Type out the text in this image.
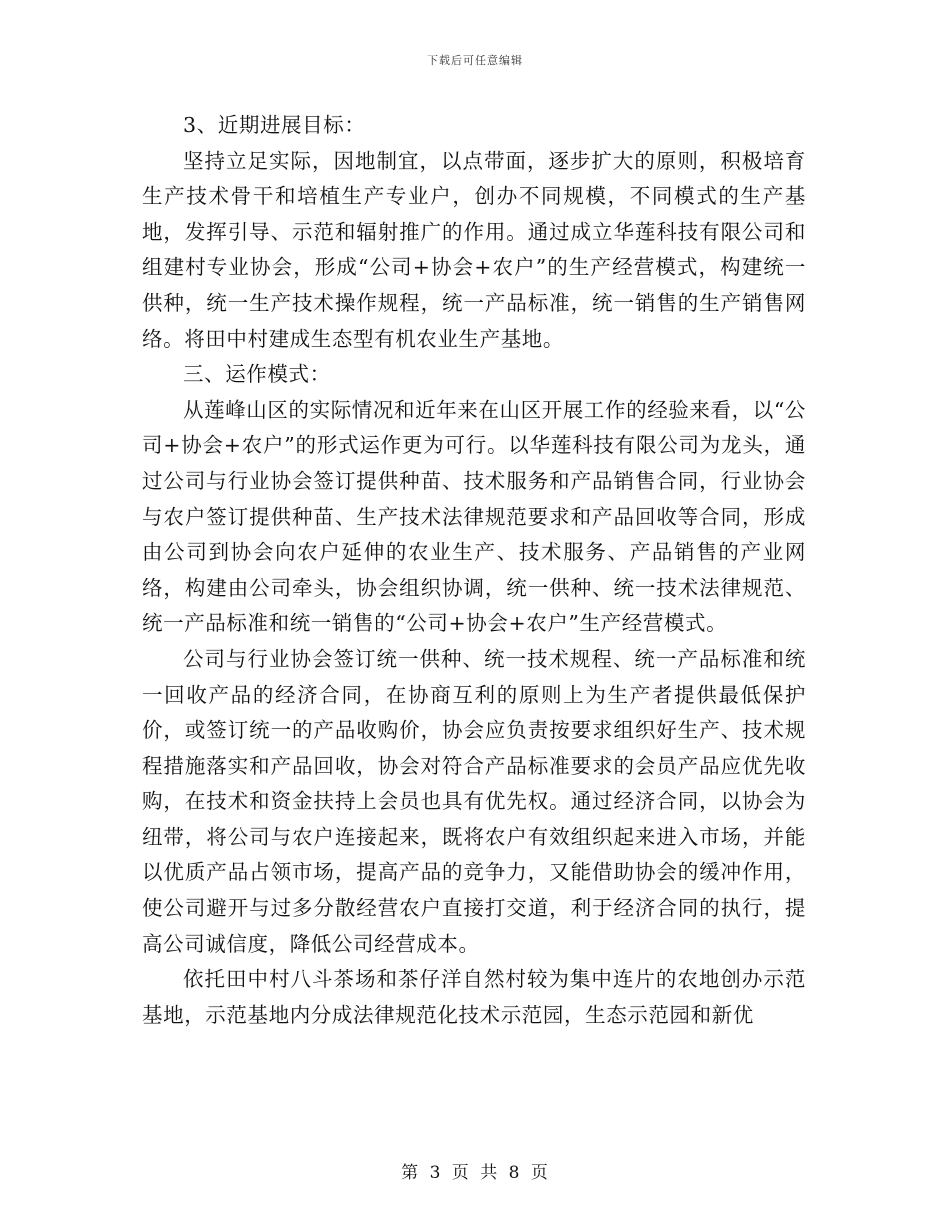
下载后可任意编辑

3、近期进展目标：

坚持立足实际，因地制宜，以点带面，逐步扩大的原则，积极培育生产技术骨干和培植生产专业户，创办不同规模，不同模式的生产基地，发挥引导、示范和辐射推广的作用。通过成立华莲科技有限公司和组建村专业协会，形成“公司+协会+农户”的生产经营模式，构建统一供种，统一生产技术操作规程，统一产品标准，统一销售的生产销售网络。将田中村建成生态型有机农业生产基地。

三、运作模式：

从莲峰山区的实际情况和近年来在山区开展工作的经验来看，以“公司+协会+农户”的形式运作更为可行。以华莲科技有限公司为龙头，通过公司与行业协会签订提供种苗、技术服务和产品销售合同，行业协会与农户签订提供种苗、生产技术法律规范要求和产品回收等合同，形成由公司到协会向农户延伸的农业生产、技术服务、产品销售的产业网络，构建由公司牵头，协会组织协调，统一供种、统一技术法律规范、统一产品标准和统一销售的“公司+协会+农户”生产经营模式。

公司与行业协会签订统一供种、统一技术规程、统一产品标准和统一回收产品的经济合同，在协商互利的原则上为生产者提供最低保护价，或签订统一的产品收购价，协会应负责按要求组织好生产、技术规程措施落实和产品回收，协会对符合产品标准要求的会员产品应优先收购，在技术和资金扶持上会员也具有优先权。通过经济合同，以协会为纽带，将公司与农户连接起来，既将农户有效组织起来进入市场，并能以优质产品占领市场，提高产品的竞争力，又能借助协会的缓冲作用，使公司避开与过多分散经营农户直接打交道，利于经济合同的执行，提高公司诚信度，降低公司经营成本。

依托田中村八斗茶场和茶仔洋自然村较为集中连片的农地创办示范基地，示范基地内分成法律规范化技术示范园，生态示范园和新优

第 3 页 共 8 页
